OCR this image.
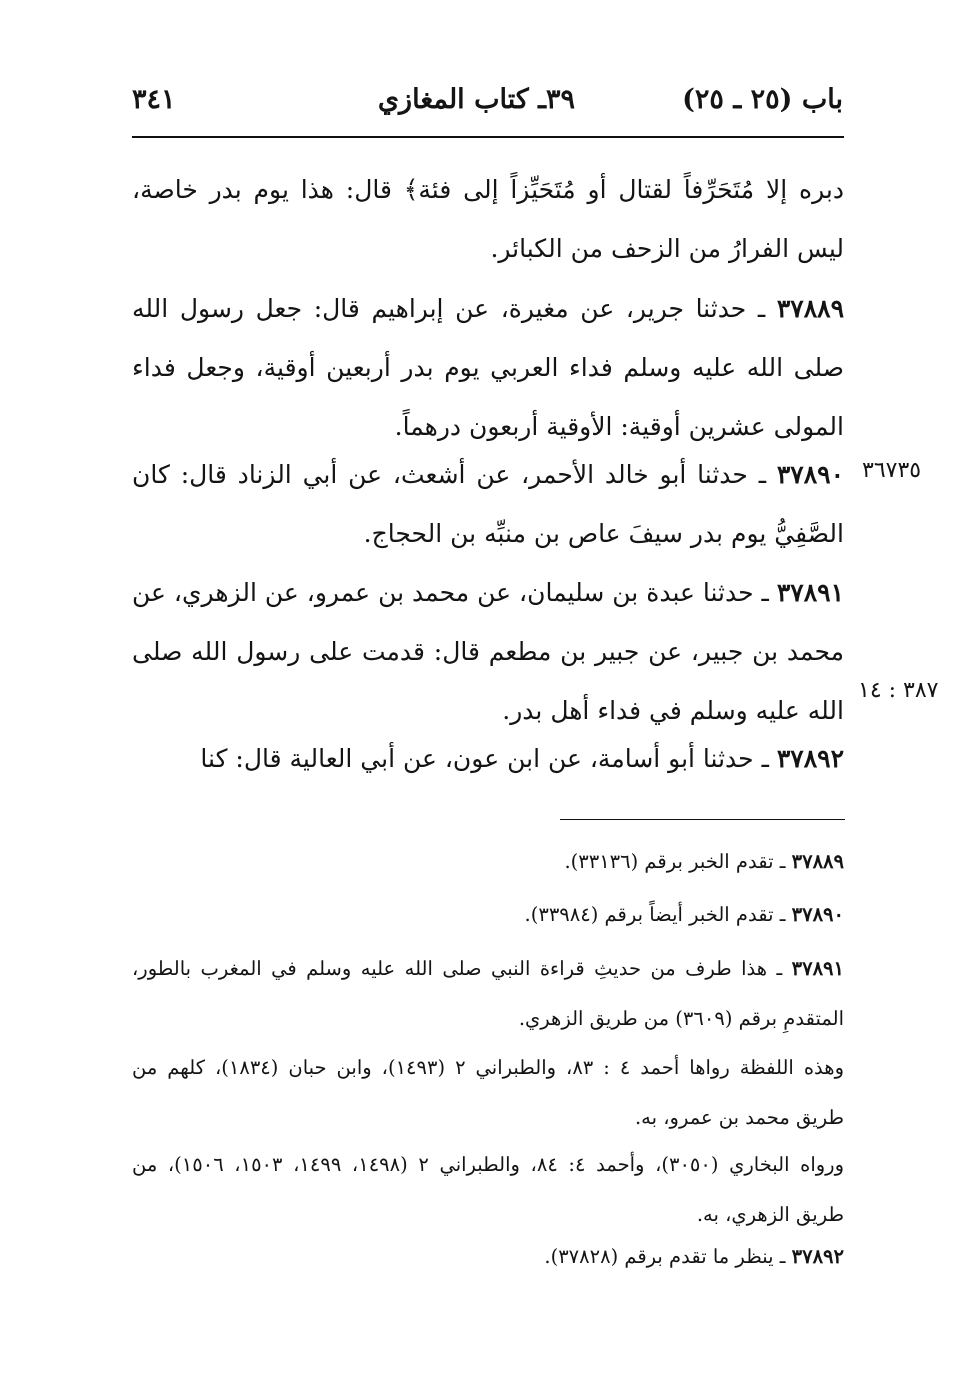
باب (٢٥ ـ ٢٥)
٣٩ـ كتاب المغازي
٣٤١
دبره إلا مُتَحَرِّفاً لقتال أو مُتَحَيِّزاً إلى فئة﴾ قال: هذا يوم بدر خاصة، ليس الفرارُ من الزحف من الكبائر.
٣٧٨٨٩ ـ حدثنا جرير، عن مغيرة، عن إبراهيم قال: جعل رسول الله صلى الله عليه وسلم فداء العربي يوم بدر أربعين أوقية، وجعل فداء المولى عشرين أوقية: الأوقية أربعون درهماً.
٣٧٨٩٠ ـ حدثنا أبو خالد الأحمر، عن أشعث، عن أبي الزناد قال: كان الصَّفِيُّ يوم بدر سيفَ عاص بن منبِّه بن الحجاج.
٣٦٧٣٥
٣٧٨٩١ ـ حدثنا عبدة بن سليمان، عن محمد بن عمرو، عن الزهري، عن محمد بن جبير، عن جبير بن مطعم قال: قدمت على رسول الله صلى الله عليه وسلم في فداء أهل بدر.
٣٨٧ : ١٤
٣٧٨٩٢ ـ حدثنا أبو أسامة، عن ابن عون، عن أبي العالية قال: كنا
٣٧٨٨٩ ـ تقدم الخبر برقم (٣٣١٣٦).
٣٧٨٩٠ ـ تقدم الخبر أيضاً برقم (٣٣٩٨٤).
٣٧٨٩١ ـ هذا طرف من حديثِ قراءة النبي صلى الله عليه وسلم في المغرب بالطور، المتقدمِ برقم (٣٦٠٩) من طريق الزهري.
وهذه اللفظة رواها أحمد ٤ : ٨٣، والطبراني ٢ (١٤٩٣)، وابن حبان (١٨٣٤)، كلهم من طريق محمد بن عمرو، به.
ورواه البخاري (٣٠٥٠)، وأحمد ٤: ٨٤، والطبراني ٢ (١٤٩٨، ١٤٩٩، ١٥٠٣، ١٥٠٦)، من طريق الزهري، به.
٣٧٨٩٢ ـ ينظر ما تقدم برقم (٣٧٨٢٨).
